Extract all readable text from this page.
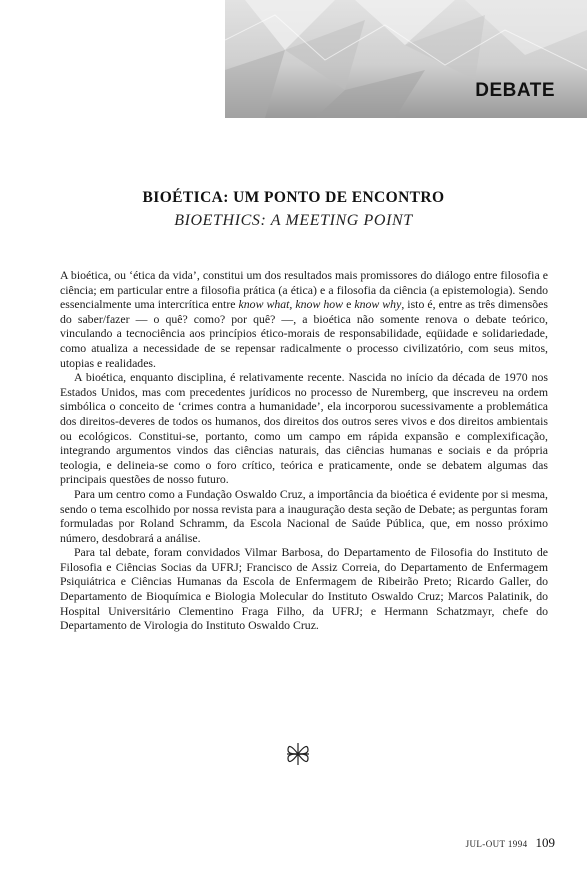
DEBATE
BIOÉTICA: UM PONTO DE ENCONTRO
BIOETHICS: A MEETING POINT

A bioética, ou ‘ética da vida’, constitui um dos resultados mais promissores do diálogo entre filosofia e ciência; em particular entre a filosofia prática (a ética) e a filosofia da ciência (a epistemologia). Sendo essencialmente uma intercrítica entre know what, know how e know why, isto é, entre as três dimensões do saber/fazer — o quê? como? por quê? —, a bioética não somente renova o debate teórico, vinculando a tecnociência aos princípios ético-morais de responsabilidade, eqüidade e solidariedade, como atualiza a necessidade de se repensar radicalmente o processo civilizatório, com seus mitos, utopias e realidades.

A bioética, enquanto disciplina, é relativamente recente. Nascida no início da década de 1970 nos Estados Unidos, mas com precedentes jurídicos no processo de Nuremberg, que inscreveu na ordem simbólica o conceito de ‘crimes contra a humanidade’, ela incorporou sucessivamente a problemática dos direitos-deveres de todos os humanos, dos direitos dos outros seres vivos e dos direitos ambientais ou ecológicos. Constitui-se, portanto, como um campo em rápida expansão e complexificação, integrando argumentos vindos das ciências naturais, das ciências humanas e sociais e da própria teologia, e delineia-se como o foro crítico, teórica e praticamente, onde se debatem algumas das principais questões de nosso futuro.

Para um centro como a Fundação Oswaldo Cruz, a importância da bioética é evidente por si mesma, sendo o tema escolhido por nossa revista para a inauguração desta seção de Debate; as perguntas foram formuladas por Roland Schramm, da Escola Nacional de Saúde Pública, que, em nosso próximo número, desdobrará a análise.

Para tal debate, foram convidados Vilmar Barbosa, do Departamento de Filosofia do Instituto de Filosofia e Ciências Socias da UFRJ; Francisco de Assiz Correia, do Departamento de Enfermagem Psiquiátrica e Ciências Humanas da Escola de Enfermagem de Ribeirão Preto; Ricardo Galler, do Departamento de Bioquímica e Biologia Molecular do Instituto Oswaldo Cruz; Marcos Palatinik, do Hospital Universitário Clementino Fraga Filho, da UFRJ; e Hermann Schatzmayr, chefe do Departamento de Virologia do Instituto Oswaldo Cruz.

JUL-OUT 1994 109
